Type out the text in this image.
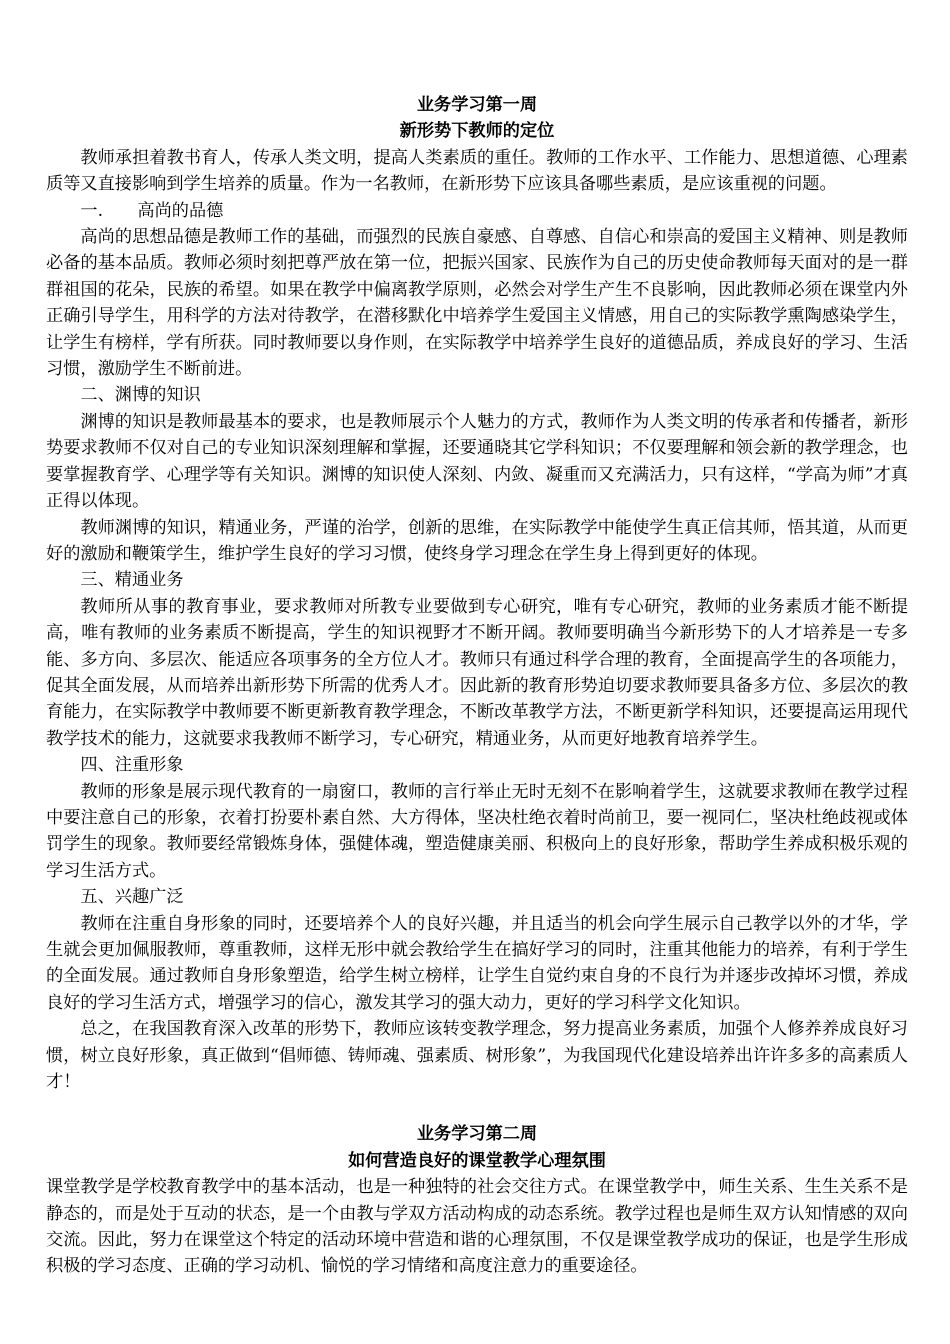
业务学习第一周

新形势下教师的定位

教师承担着教书育人，传承人类文明，提高人类素质的重任。教师的工作水平、工作能力、思想道德、心理素质等又直接影响到学生培养的质量。作为一名教师，在新形势下应该具备哪些素质，是应该重视的问题。

一.　　高尚的品德

高尚的思想品德是教师工作的基础，而强烈的民族自豪感、自尊感、自信心和崇高的爱国主义精神、则是教师必备的基本品质。教师必须时刻把尊严放在第一位，把振兴国家、民族作为自己的历史使命教师每天面对的是一群群祖国的花朵，民族的希望。如果在教学中偏离教学原则，必然会对学生产生不良影响，因此教师必须在课堂内外正确引导学生，用科学的方法对待教学，在潜移默化中培养学生爱国主义情感，用自己的实际教学熏陶感染学生，让学生有榜样，学有所获。同时教师要以身作则，在实际教学中培养学生良好的道德品质，养成良好的学习、生活习惯，激励学生不断前进。

二、渊博的知识

渊博的知识是教师最基本的要求，也是教师展示个人魅力的方式，教师作为人类文明的传承者和传播者，新形势要求教师不仅对自己的专业知识深刻理解和掌握，还要通晓其它学科知识；不仅要理解和领会新的教学理念，也要掌握教育学、心理学等有关知识。渊博的知识使人深刻、内敛、凝重而又充满活力，只有这样，“学高为师”才真正得以体现。

教师渊博的知识，精通业务，严谨的治学，创新的思维，在实际教学中能使学生真正信其师，悟其道，从而更好的激励和鞭策学生，维护学生良好的学习习惯，使终身学习理念在学生身上得到更好的体现。

三、精通业务

教师所从事的教育事业，要求教师对所教专业要做到专心研究，唯有专心研究，教师的业务素质才能不断提高，唯有教师的业务素质不断提高，学生的知识视野才不断开阔。教师要明确当今新形势下的人才培养是一专多能、多方向、多层次、能适应各项事务的全方位人才。教师只有通过科学合理的教育，全面提高学生的各项能力，促其全面发展，从而培养出新形势下所需的优秀人才。因此新的教育形势迫切要求教师要具备多方位、多层次的教育能力，在实际教学中教师要不断更新教育教学理念，不断改革教学方法，不断更新学科知识，还要提高运用现代教学技术的能力，这就要求我教师不断学习，专心研究，精通业务，从而更好地教育培养学生。

四、注重形象

教师的形象是展示现代教育的一扇窗口，教师的言行举止无时无刻不在影响着学生，这就要求教师在教学过程中要注意自己的形象，衣着打扮要朴素自然、大方得体，坚决杜绝衣着时尚前卫，要一视同仁，坚决杜绝歧视或体罚学生的现象。教师要经常锻炼身体，强健体魂，塑造健康美丽、积极向上的良好形象，帮助学生养成积极乐观的学习生活方式。

五、兴趣广泛

教师在注重自身形象的同时，还要培养个人的良好兴趣，并且适当的机会向学生展示自己教学以外的才华，学生就会更加佩服教师，尊重教师，这样无形中就会教给学生在搞好学习的同时，注重其他能力的培养，有利于学生的全面发展。通过教师自身形象塑造，给学生树立榜样，让学生自觉约束自身的不良行为并逐步改掉坏习惯，养成良好的学习生活方式，增强学习的信心，激发其学习的强大动力，更好的学习科学文化知识。

总之，在我国教育深入改革的形势下，教师应该转变教学理念，努力提高业务素质，加强个人修养养成良好习惯，树立良好形象，真正做到“倡师德、铸师魂、强素质、树形象”，为我国现代化建设培养出许许多多的高素质人才！

业务学习第二周

如何营造良好的课堂教学心理氛围

课堂教学是学校教育教学中的基本活动，也是一种独特的社会交往方式。在课堂教学中，师生关系、生生关系不是静态的，而是处于互动的状态，是一个由教与学双方活动构成的动态系统。教学过程也是师生双方认知情感的双向交流。因此，努力在课堂这个特定的活动环境中营造和谐的心理氛围，不仅是课堂教学成功的保证，也是学生形成积极的学习态度、正确的学习动机、愉悦的学习情绪和高度注意力的重要途径。
